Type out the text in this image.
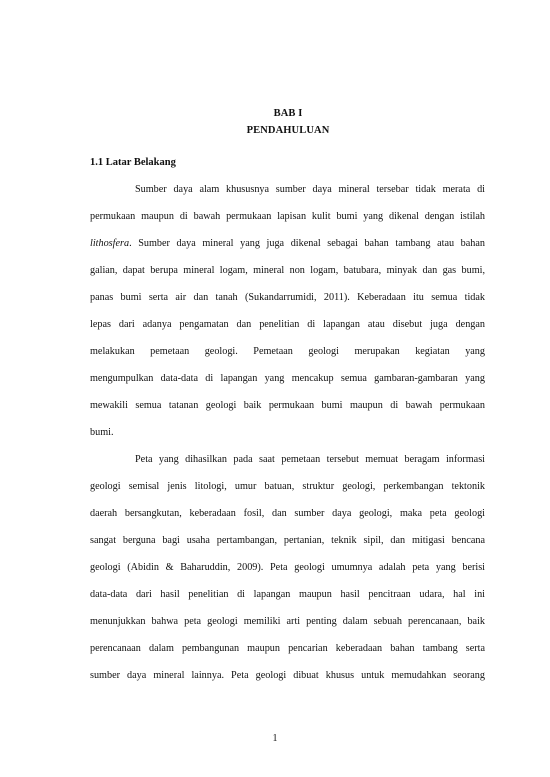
BAB I
PENDAHULUAN
1.1 Latar Belakang
Sumber daya alam khususnya sumber daya mineral tersebar tidak merata di
permukaan maupun di bawah permukaan lapisan kulit bumi yang dikenal dengan istilah
lithosfera. Sumber daya mineral yang juga dikenal sebagai bahan tambang atau bahan
galian, dapat berupa mineral logam, mineral non logam, batubara, minyak dan gas bumi,
panas bumi serta air dan tanah (Sukandarrumidi, 2011). Keberadaan itu semua tidak
lepas dari adanya pengamatan dan penelitian di lapangan atau disebut juga dengan
melakukan pemetaan geologi. Pemetaan geologi merupakan kegiatan yang
mengumpulkan data-data di lapangan yang mencakup semua gambaran-gambaran yang
mewakili semua tatanan geologi baik permukaan bumi maupun di bawah permukaan
bumi.
Peta yang dihasilkan pada saat pemetaan tersebut memuat beragam informasi
geologi semisal jenis litologi, umur batuan, struktur geologi, perkembangan tektonik
daerah bersangkutan, keberadaan fosil, dan sumber daya geologi, maka peta geologi
sangat berguna bagi usaha pertambangan, pertanian, teknik sipil, dan mitigasi bencana
geologi (Abidin & Baharuddin, 2009). Peta geologi umumnya adalah peta yang berisi
data-data dari hasil penelitian di lapangan maupun hasil pencitraan udara, hal ini
menunjukkan bahwa peta geologi memiliki arti penting dalam sebuah perencanaan, baik
perencanaan dalam pembangunan maupun pencarian keberadaan bahan tambang serta
sumber daya mineral lainnya. Peta geologi dibuat khusus untuk memudahkan seorang
1
